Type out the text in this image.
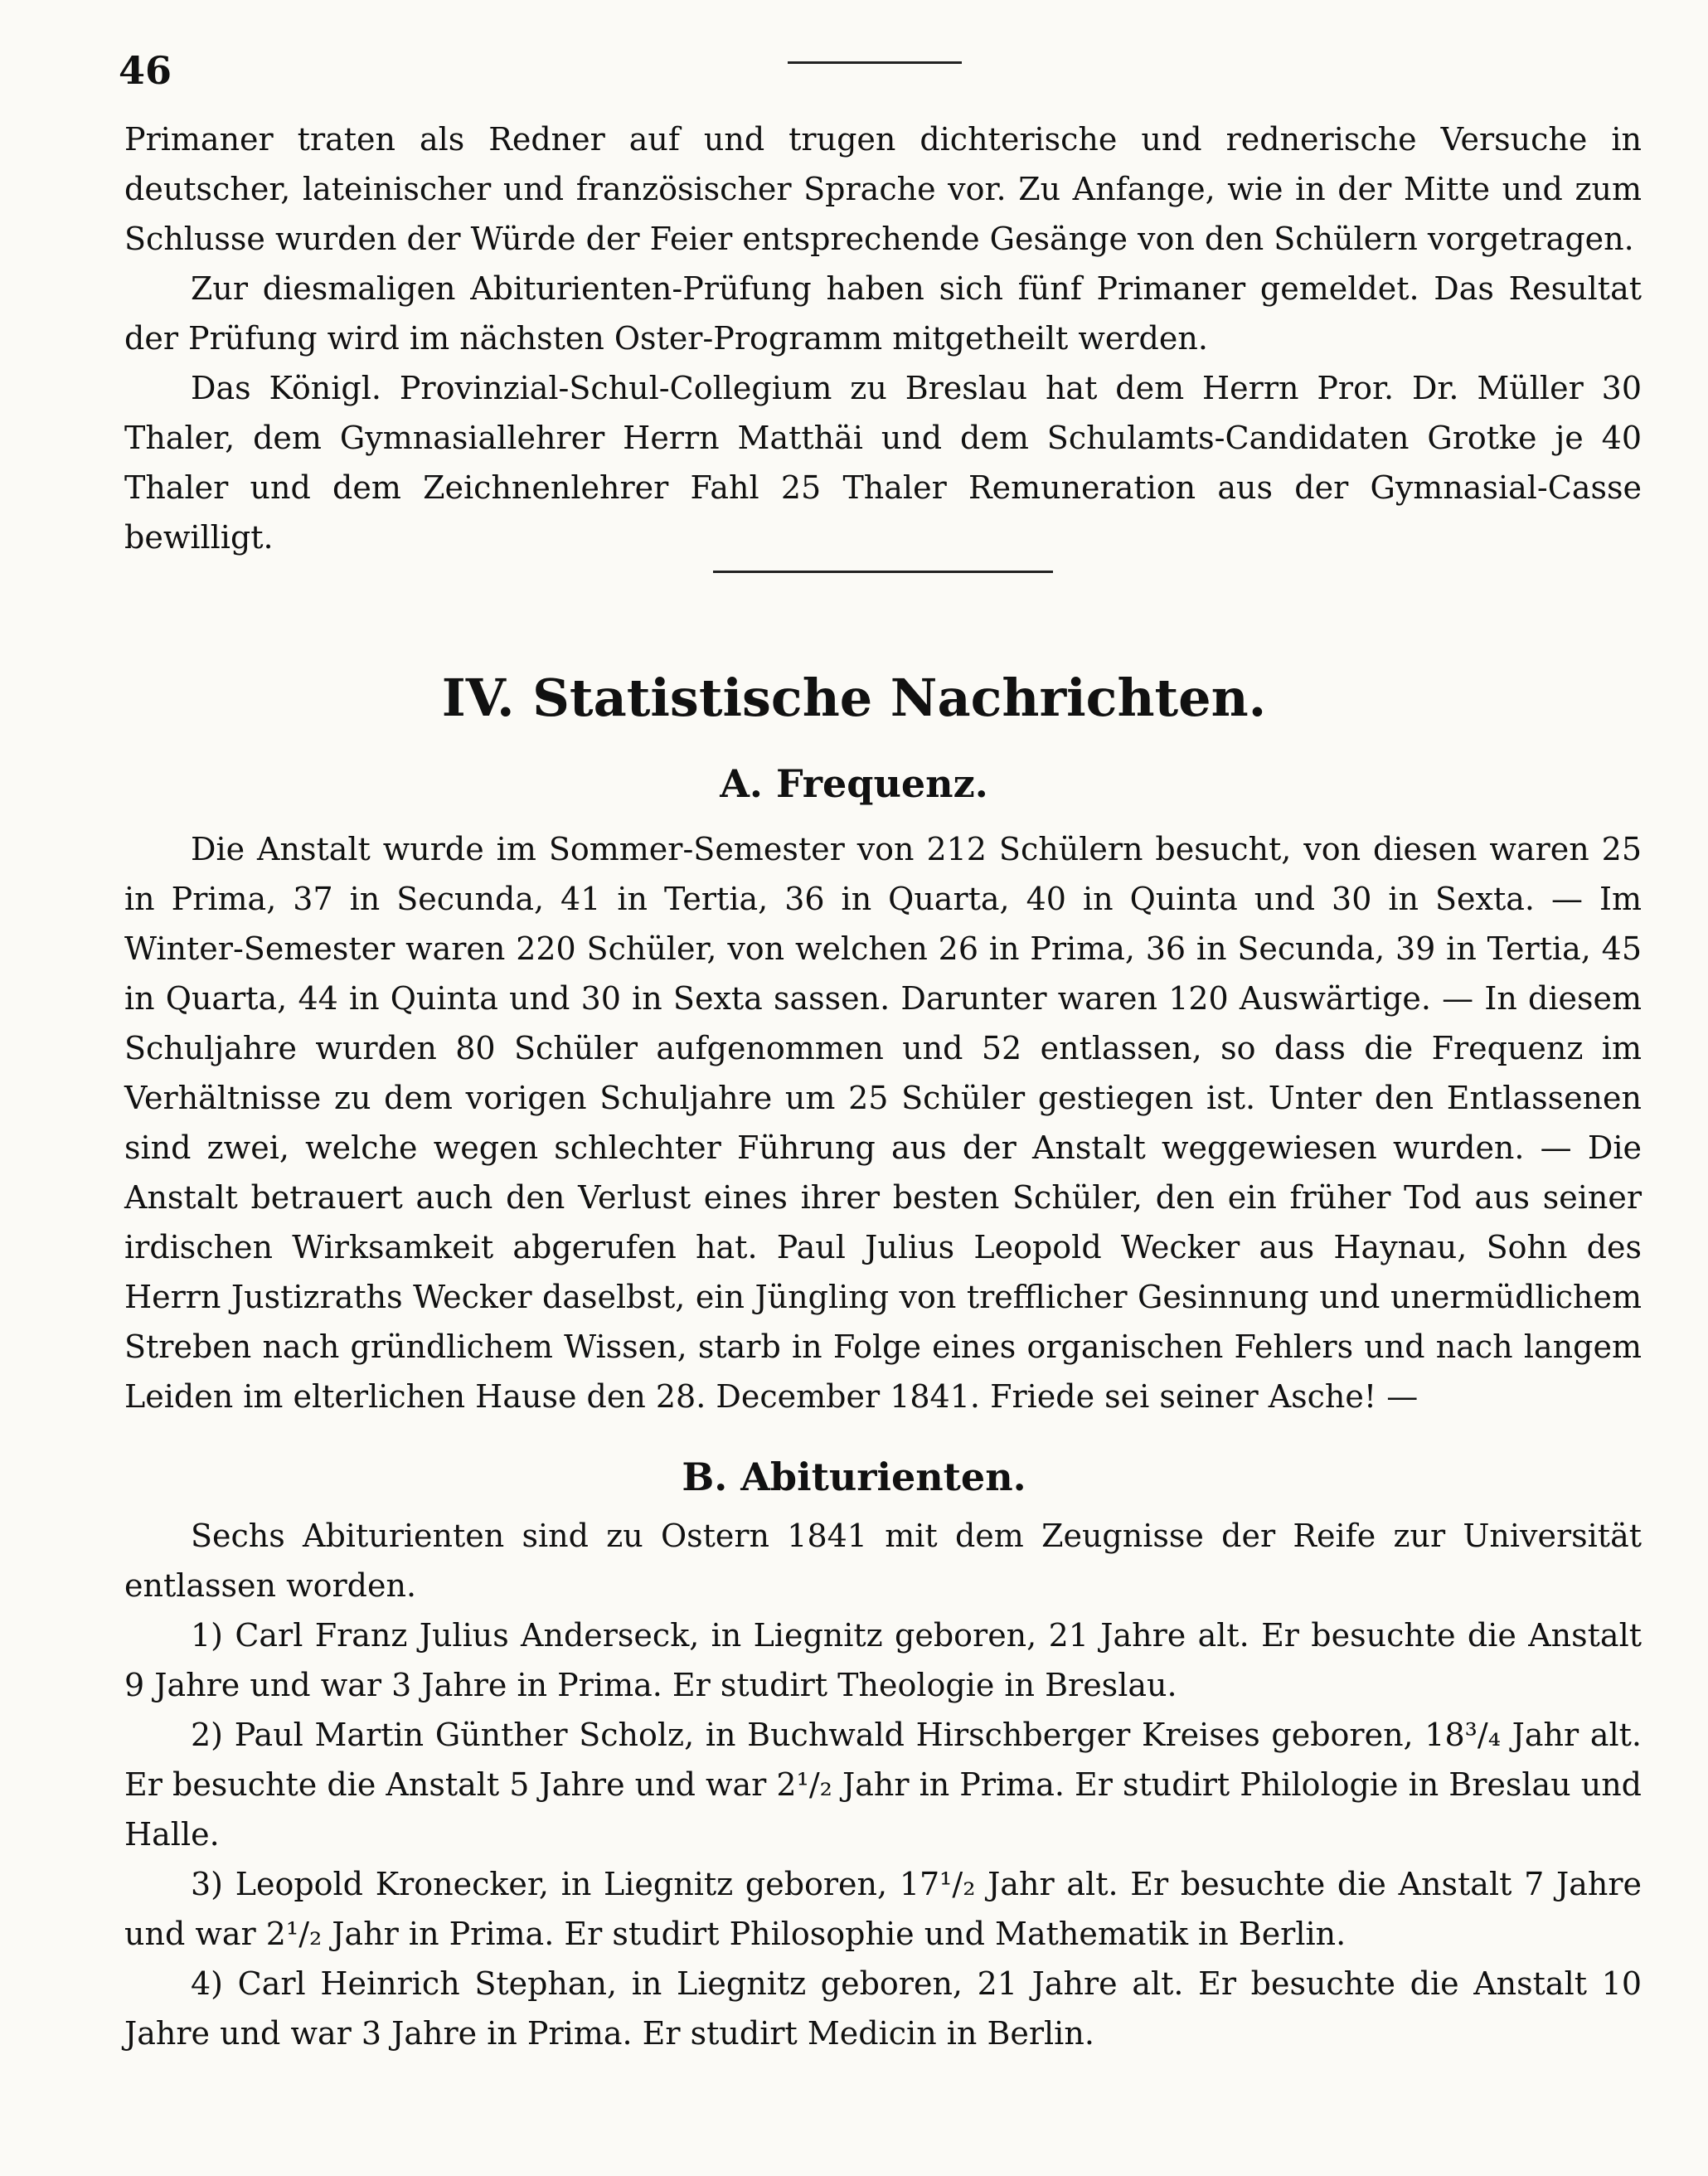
46

Primaner traten als Redner auf und trugen dichterische und rednerische Versuche in deutscher, lateinischer und französischer Sprache vor. Zu Anfange, wie in der Mitte und zum Schlusse wurden der Würde der Feier entsprechende Gesänge von den Schülern vorgetragen.

Zur diesmaligen Abiturienten-Prüfung haben sich fünf Primaner gemeldet. Das Resultat der Prüfung wird im nächsten Oster-Programm mitgetheilt werden.

Das Königl. Provinzial-Schul-Collegium zu Breslau hat dem Herrn Pror. Dr. Müller 30 Thaler, dem Gymnasiallehrer Herrn Matthäi und dem Schulamts-Candidaten Grotke je 40 Thaler und dem Zeichnenlehrer Fahl 25 Thaler Remuneration aus der Gymnasial-Casse bewilligt.

IV. Statistische Nachrichten.
A. Frequenz.

Die Anstalt wurde im Sommer-Semester von 212 Schülern besucht, von diesen waren 25 in Prima, 37 in Secunda, 41 in Tertia, 36 in Quarta, 40 in Quinta und 30 in Sexta. — Im Winter-Semester waren 220 Schüler, von welchen 26 in Prima, 36 in Secunda, 39 in Tertia, 45 in Quarta, 44 in Quinta und 30 in Sexta sassen. Darunter waren 120 Auswärtige. — In diesem Schuljahre wurden 80 Schüler aufgenommen und 52 entlassen, so dass die Frequenz im Verhältnisse zu dem vorigen Schuljahre um 25 Schüler gestiegen ist. Unter den Entlassenen sind zwei, welche wegen schlechter Führung aus der Anstalt weggewiesen wurden. — Die Anstalt betrauert auch den Verlust eines ihrer besten Schüler, den ein früher Tod aus seiner irdischen Wirksamkeit abgerufen hat. Paul Julius Leopold Wecker aus Haynau, Sohn des Herrn Justizraths Wecker daselbst, ein Jüngling von trefflicher Gesinnung und unermüdlichem Streben nach gründlichem Wissen, starb in Folge eines organischen Fehlers und nach langem Leiden im elterlichen Hause den 28. December 1841. Friede sei seiner Asche! —

B. Abiturienten.

Sechs Abiturienten sind zu Ostern 1841 mit dem Zeugnisse der Reife zur Universität entlassen worden.

1) Carl Franz Julius Anderseck, in Liegnitz geboren, 21 Jahre alt. Er besuchte die Anstalt 9 Jahre und war 3 Jahre in Prima. Er studirt Theologie in Breslau.

2) Paul Martin Günther Scholz, in Buchwald Hirschberger Kreises geboren, 18³/₄ Jahr alt. Er besuchte die Anstalt 5 Jahre und war 2¹/₂ Jahr in Prima. Er studirt Philologie in Breslau und Halle.

3) Leopold Kronecker, in Liegnitz geboren, 17¹/₂ Jahr alt. Er besuchte die Anstalt 7 Jahre und war 2¹/₂ Jahr in Prima. Er studirt Philosophie und Mathematik in Berlin.

4) Carl Heinrich Stephan, in Liegnitz geboren, 21 Jahre alt. Er besuchte die Anstalt 10 Jahre und war 3 Jahre in Prima. Er studirt Medicin in Berlin.
